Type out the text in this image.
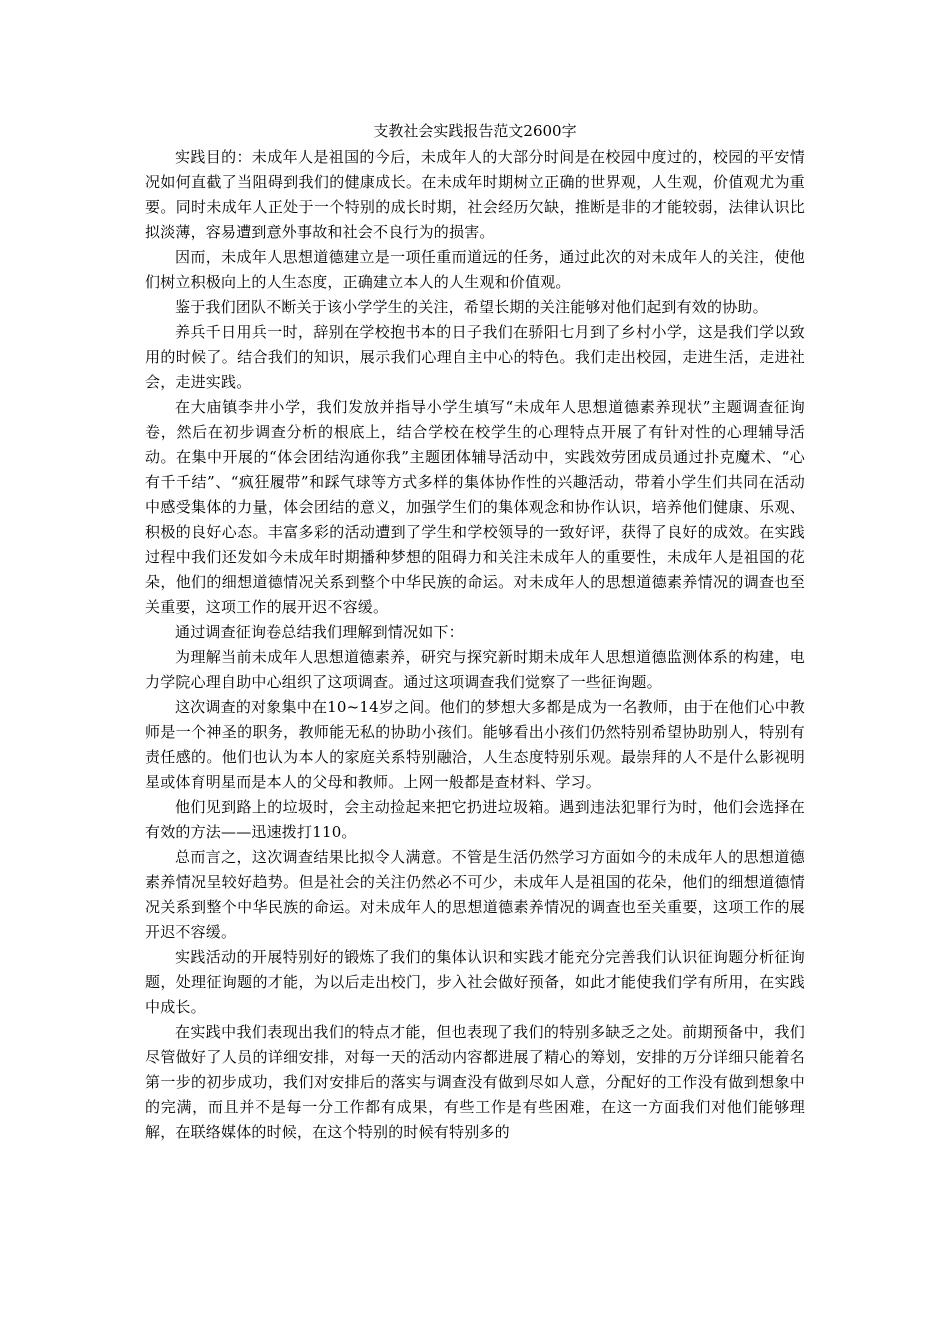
支教社会实践报告范文2600字

实践目的：未成年人是祖国的今后，未成年人的大部分时间是在校园中度过的，校园的平安情况如何直截了当阻碍到我们的健康成长。在未成年时期树立正确的世界观，人生观，价值观尤为重要。同时未成年人正处于一个特别的成长时期，社会经历欠缺，推断是非的才能较弱，法律认识比拟淡薄，容易遭到意外事故和社会不良行为的损害。

因而，未成年人思想道德建立是一项任重而道远的任务，通过此次的对未成年人的关注，使他们树立积极向上的人生态度，正确建立本人的人生观和价值观。

鉴于我们团队不断关于该小学学生的关注，希望长期的关注能够对他们起到有效的协助。

养兵千日用兵一时，辞别在学校抱书本的日子我们在骄阳七月到了乡村小学，这是我们学以致用的时候了。结合我们的知识，展示我们心理自主中心的特色。我们走出校园，走进生活，走进社会，走进实践。

在大庙镇李井小学，我们发放并指导小学生填写“未成年人思想道德素养现状”主题调查征询卷，然后在初步调查分析的根底上，结合学校在校学生的心理特点开展了有针对性的心理辅导活动。在集中开展的“体会团结沟通你我”主题团体辅导活动中，实践效劳团成员通过扑克魔术、“心有千千结”、“疯狂履带”和踩气球等方式多样的集体协作性的兴趣活动，带着小学生们共同在活动中感受集体的力量，体会团结的意义，加强学生们的集体观念和协作认识，培养他们健康、乐观、积极的良好心态。丰富多彩的活动遭到了学生和学校领导的一致好评，获得了良好的成效。在实践过程中我们还发如今未成年时期播种梦想的阻碍力和关注未成年人的重要性，未成年人是祖国的花朵，他们的细想道德情况关系到整个中华民族的命运。对未成年人的思想道德素养情况的调查也至关重要，这项工作的展开迟不容缓。

通过调查征询卷总结我们理解到情况如下：

为理解当前未成年人思想道德素养，研究与探究新时期未成年人思想道德监测体系的构建，电力学院心理自助中心组织了这项调查。通过这项调查我们觉察了一些征询题。

这次调查的对象集中在10~14岁之间。他们的梦想大多都是成为一名教师，由于在他们心中教师是一个神圣的职务，教师能无私的协助小孩们。能够看出小孩们仍然特别希望协助别人，特别有责任感的。他们也认为本人的家庭关系特别融洽，人生态度特别乐观。最崇拜的人不是什么影视明星或体育明星而是本人的父母和教师。上网一般都是查材料、学习。

他们见到路上的垃圾时，会主动捡起来把它扔进垃圾箱。遇到违法犯罪行为时，他们会选择在有效的方法——迅速拨打110。

总而言之，这次调查结果比拟令人满意。不管是生活仍然学习方面如今的未成年人的思想道德素养情况呈较好趋势。但是社会的关注仍然必不可少，未成年人是祖国的花朵，他们的细想道德情况关系到整个中华民族的命运。对未成年人的思想道德素养情况的调查也至关重要，这项工作的展开迟不容缓。

实践活动的开展特别好的锻炼了我们的集体认识和实践才能充分完善我们认识征询题分析征询题，处理征询题的才能，为以后走出校门，步入社会做好预备，如此才能使我们学有所用，在实践中成长。

在实践中我们表现出我们的特点才能，但也表现了我们的特别多缺乏之处。前期预备中，我们尽管做好了人员的详细安排，对每一天的活动内容都进展了精心的筹划，安排的万分详细只能着名第一步的初步成功，我们对安排后的落实与调查没有做到尽如人意，分配好的工作没有做到想象中的完满，而且并不是每一分工作都有成果，有些工作是有些困难，在这一方面我们对他们能够理解，在联络媒体的时候，在这个特别的时候有特别多的
